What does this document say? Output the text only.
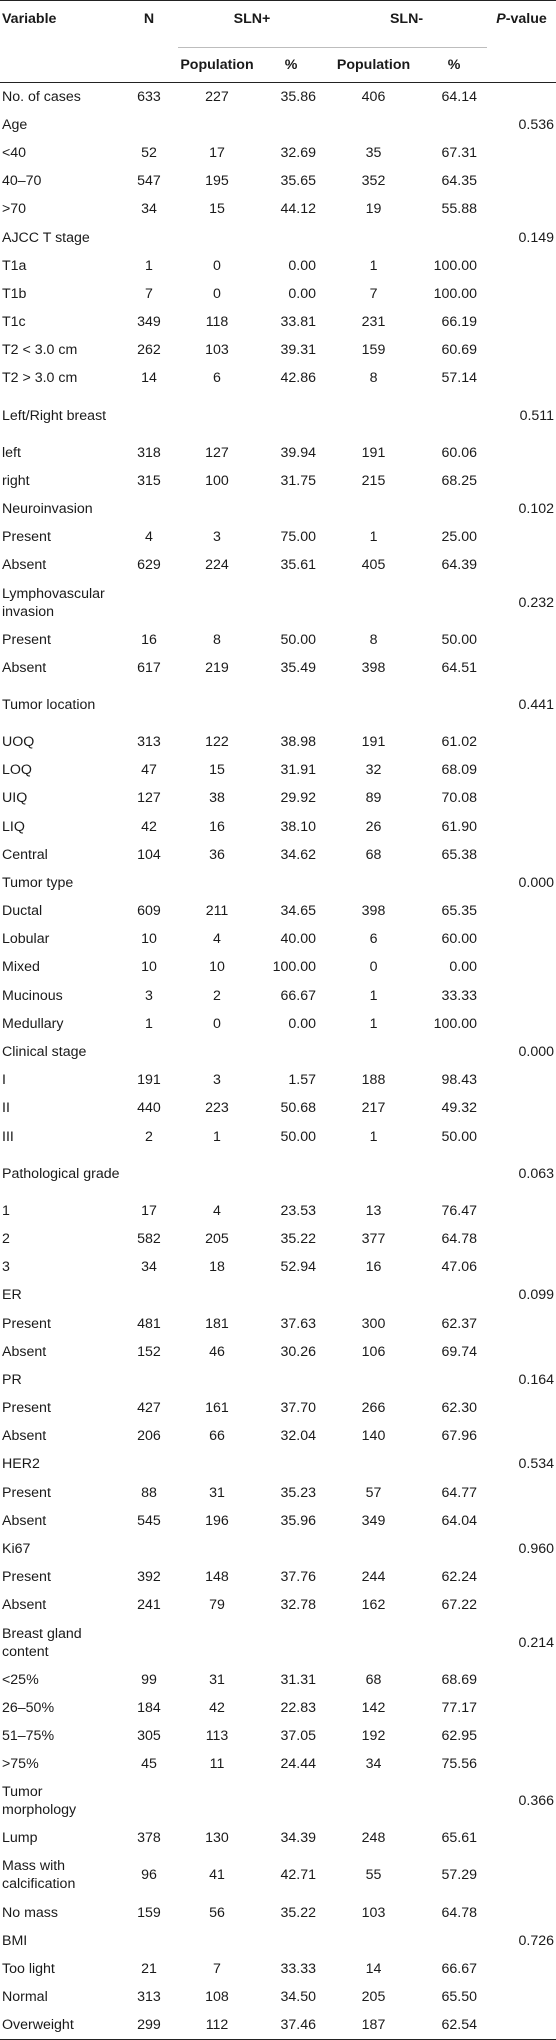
Variable	N	SLN+		SLN-		P-value
		Population	%	Population	%	
No. of cases	633	227	35.86	406	64.14	
Age						0.536
<40	52	17	32.69	35	67.31	
40–70	547	195	35.65	352	64.35	
>70	34	15	44.12	19	55.88	
AJCC T stage						0.149
T1a	1	0	0.00	1	100.00	
T1b	7	0	0.00	7	100.00	
T1c	349	118	33.81	231	66.19	
T2 < 3.0 cm	262	103	39.31	159	60.69	
T2 > 3.0 cm	14	6	42.86	8	57.14	
Left/Right breast						0.511
left	318	127	39.94	191	60.06	
right	315	100	31.75	215	68.25	
Neuroinvasion						0.102
Present	4	3	75.00	1	25.00	
Absent	629	224	35.61	405	64.39	
Lymphovascular invasion						0.232
Present	16	8	50.00	8	50.00	
Absent	617	219	35.49	398	64.51	
Tumor location						0.441
UOQ	313	122	38.98	191	61.02	
LOQ	47	15	31.91	32	68.09	
UIQ	127	38	29.92	89	70.08	
LIQ	42	16	38.10	26	61.90	
Central	104	36	34.62	68	65.38	
Tumor type						0.000
Ductal	609	211	34.65	398	65.35	
Lobular	10	4	40.00	6	60.00	
Mixed	10	10	100.00	0	0.00	
Mucinous	3	2	66.67	1	33.33	
Medullary	1	0	0.00	1	100.00	
Clinical stage						0.000
I	191	3	1.57	188	98.43	
II	440	223	50.68	217	49.32	
III	2	1	50.00	1	50.00	
Pathological grade						0.063
1	17	4	23.53	13	76.47	
2	582	205	35.22	377	64.78	
3	34	18	52.94	16	47.06	
ER						0.099
Present	481	181	37.63	300	62.37	
Absent	152	46	30.26	106	69.74	
PR						0.164
Present	427	161	37.70	266	62.30	
Absent	206	66	32.04	140	67.96	
HER2						0.534
Present	88	31	35.23	57	64.77	
Absent	545	196	35.96	349	64.04	
Ki67						0.960
Present	392	148	37.76	244	62.24	
Absent	241	79	32.78	162	67.22	
Breast gland content						0.214
<25%	99	31	31.31	68	68.69	
26–50%	184	42	22.83	142	77.17	
51–75%	305	113	37.05	192	62.95	
>75%	45	11	24.44	34	75.56	
Tumor morphology						0.366
Lump	378	130	34.39	248	65.61	
Mass with calcification	96	41	42.71	55	57.29	
No mass	159	56	35.22	103	64.78	
BMI						0.726
Too light	21	7	33.33	14	66.67	
Normal	313	108	34.50	205	65.50	
Overweight	299	112	37.46	187	62.54	
